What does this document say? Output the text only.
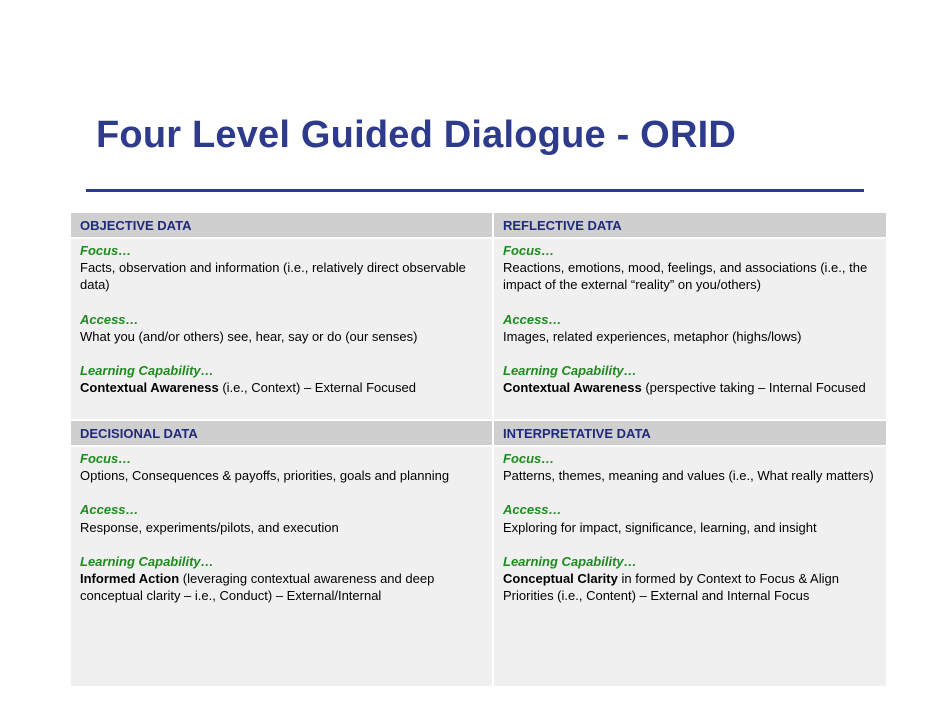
Four Level Guided Dialogue - ORID
OBJECTIVE DATA	REFLECTIVE DATA
Focus…
Facts, observation and information (i.e., relatively direct observable data)
Access…
What you (and/or others) see, hear, say or do (our senses)
Learning Capability…
Contextual Awareness (i.e., Context) – External Focused
Focus…
Reactions, emotions, mood, feelings, and associations (i.e., the impact of the external “reality” on you/others)
Access…
Images, related experiences, metaphor (highs/lows)
Learning Capability…
Contextual Awareness (perspective taking – Internal Focused
DECISIONAL DATA	INTERPRETATIVE DATA
Focus…
Options, Consequences & payoffs, priorities, goals and planning
Access…
Response, experiments/pilots, and execution
Learning Capability…
Informed Action (leveraging contextual awareness and deep conceptual clarity – i.e., Conduct) – External/Internal
Focus…
Patterns, themes, meaning and values (i.e., What really matters)
Access…
Exploring for impact, significance, learning, and insight
Learning Capability…
Conceptual Clarity in formed by Context to Focus & Align Priorities (i.e., Content) – External and Internal Focus
